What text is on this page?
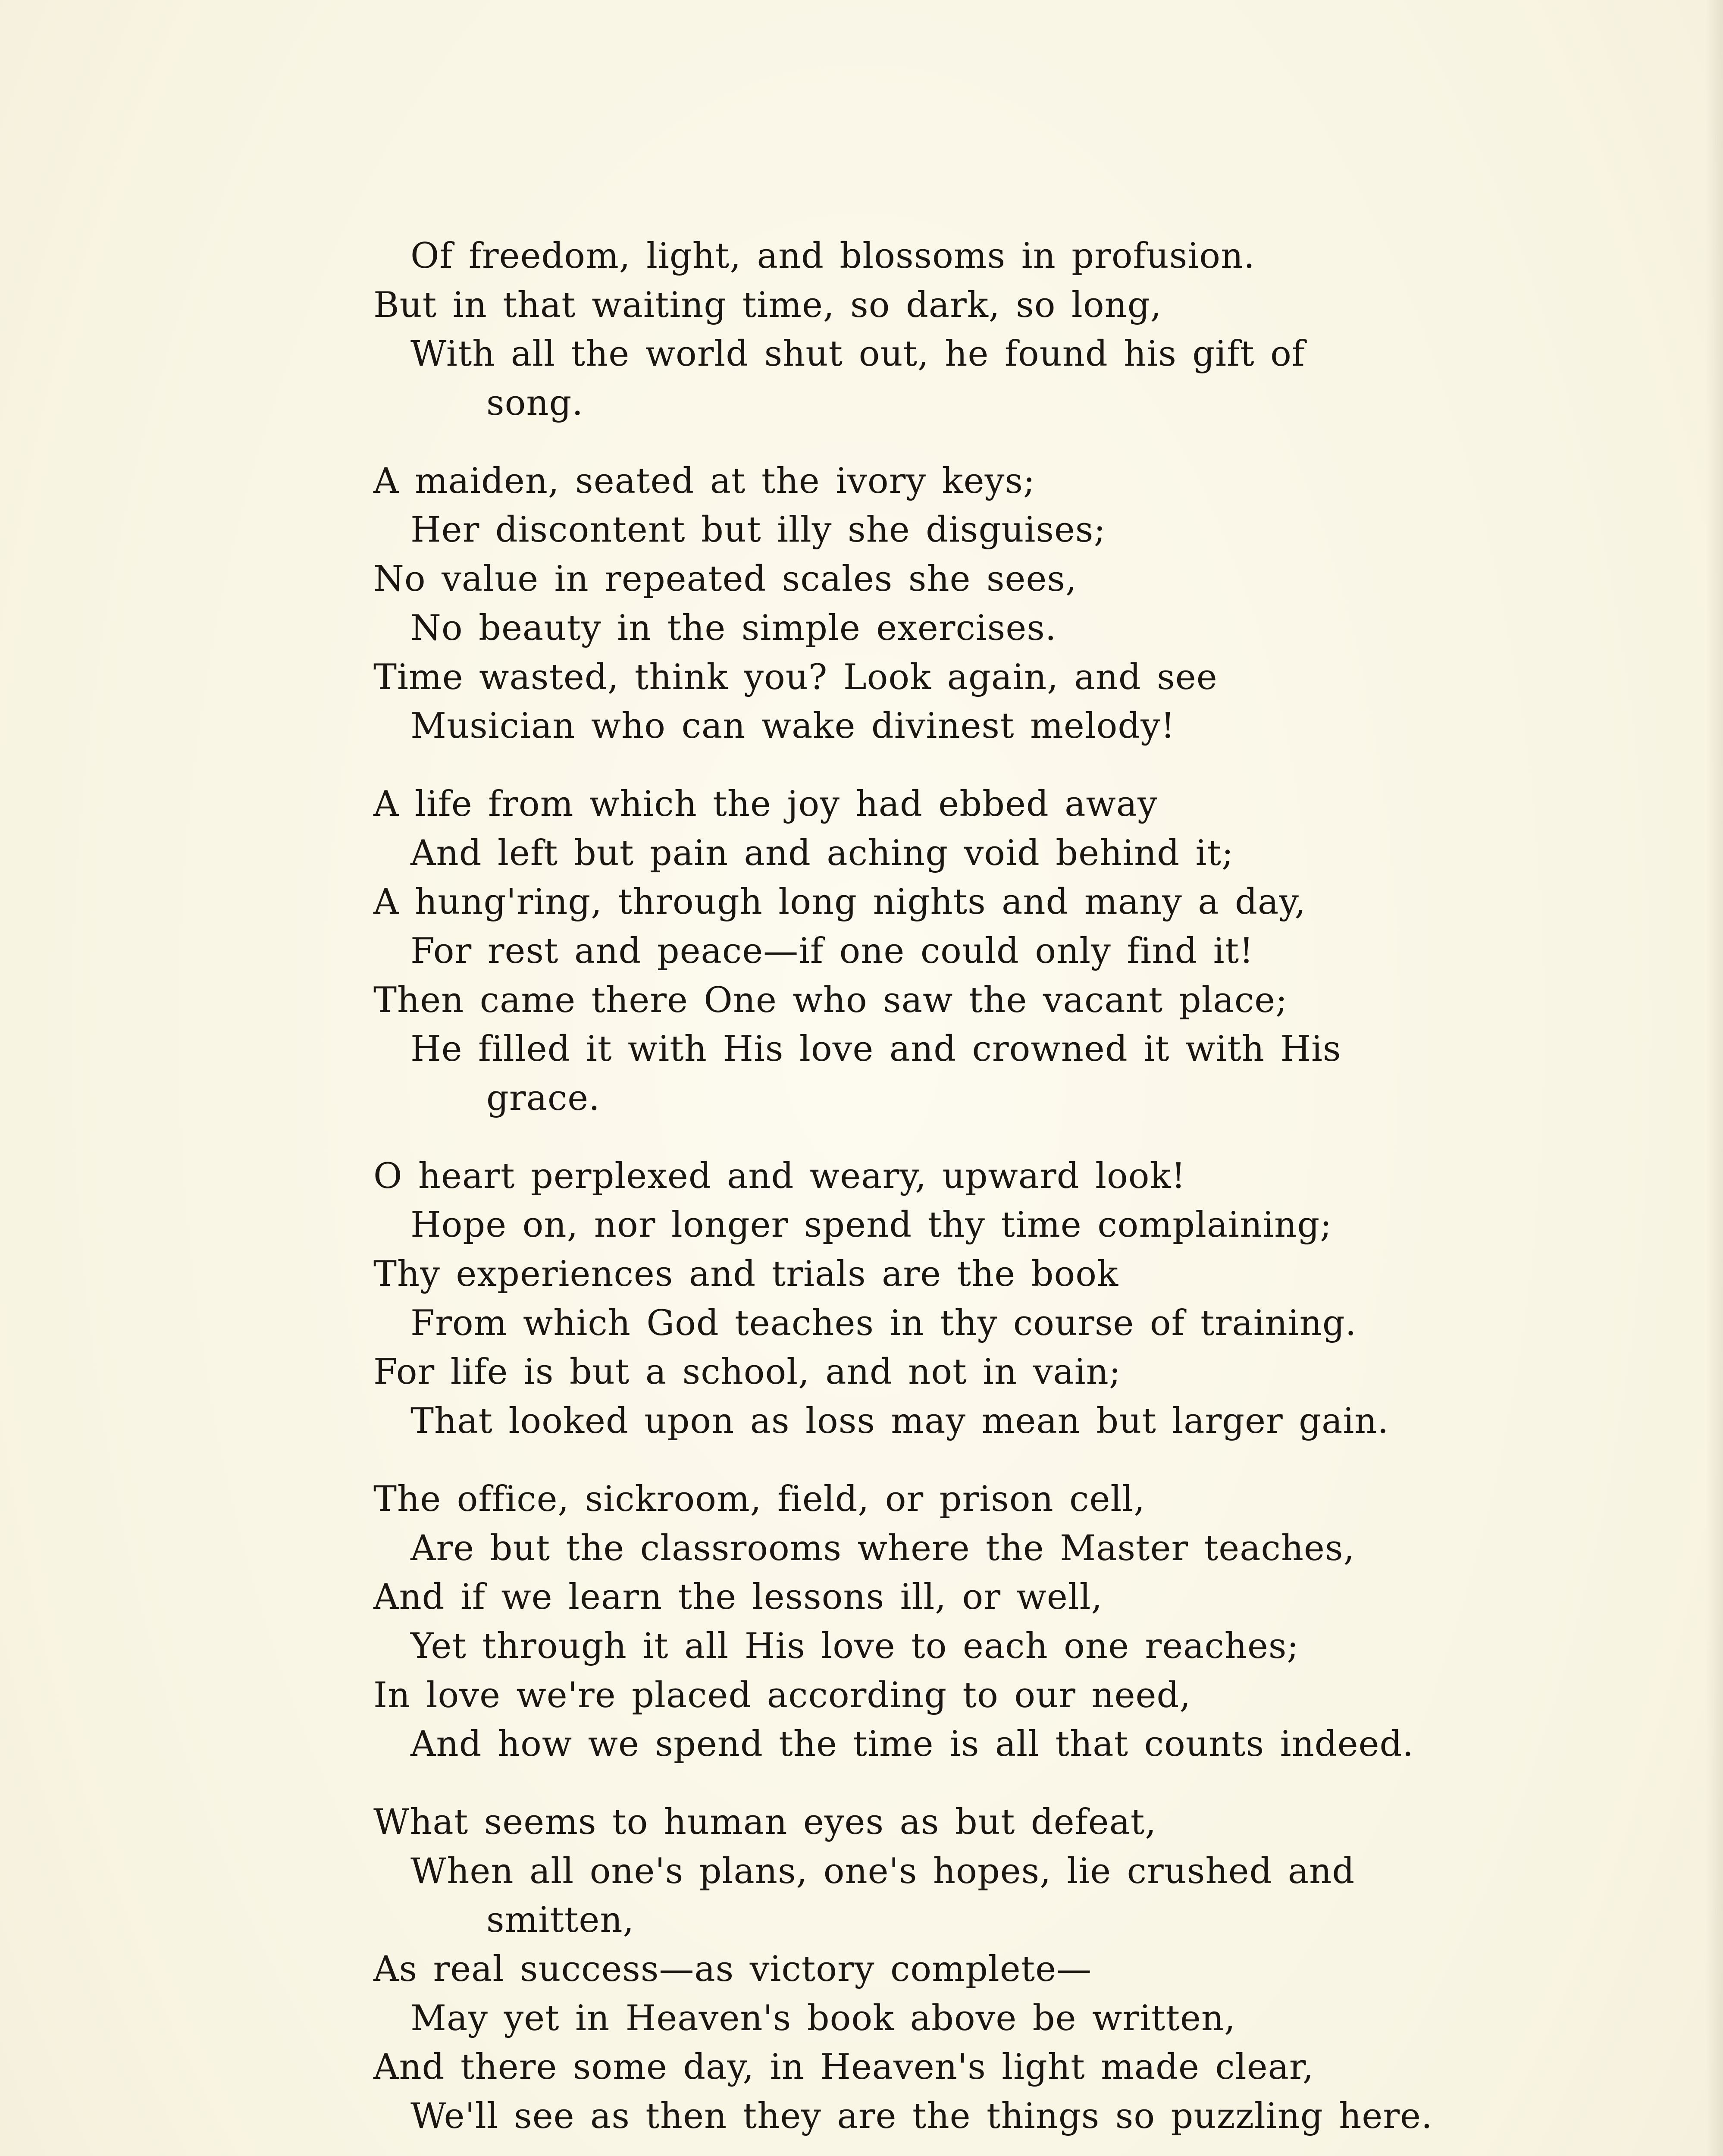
Of freedom, light, and blossoms in profusion.
But in that waiting time, so dark, so long,
With all the world shut out, he found his gift of
song.
A maiden, seated at the ivory keys;
Her discontent but illy she disguises;
No value in repeated scales she sees,
No beauty in the simple exercises.
Time wasted, think you? Look again, and see
Musician who can wake divinest melody!
A life from which the joy had ebbed away
And left but pain and aching void behind it;
A hung'ring, through long nights and many a day,
For rest and peace—if one could only find it!
Then came there One who saw the vacant place;
He filled it with His love and crowned it with His
grace.
O heart perplexed and weary, upward look!
Hope on, nor longer spend thy time complaining;
Thy experiences and trials are the book
From which God teaches in thy course of training.
For life is but a school, and not in vain;
That looked upon as loss may mean but larger gain.
The office, sickroom, field, or prison cell,
Are but the classrooms where the Master teaches,
And if we learn the lessons ill, or well,
Yet through it all His love to each one reaches;
In love we're placed according to our need,
And how we spend the time is all that counts indeed.
What seems to human eyes as but defeat,
When all one's plans, one's hopes, lie crushed and
smitten,
As real success—as victory complete—
May yet in Heaven's book above be written,
And there some day, in Heaven's light made clear,
We'll see as then they are the things so puzzling here.
